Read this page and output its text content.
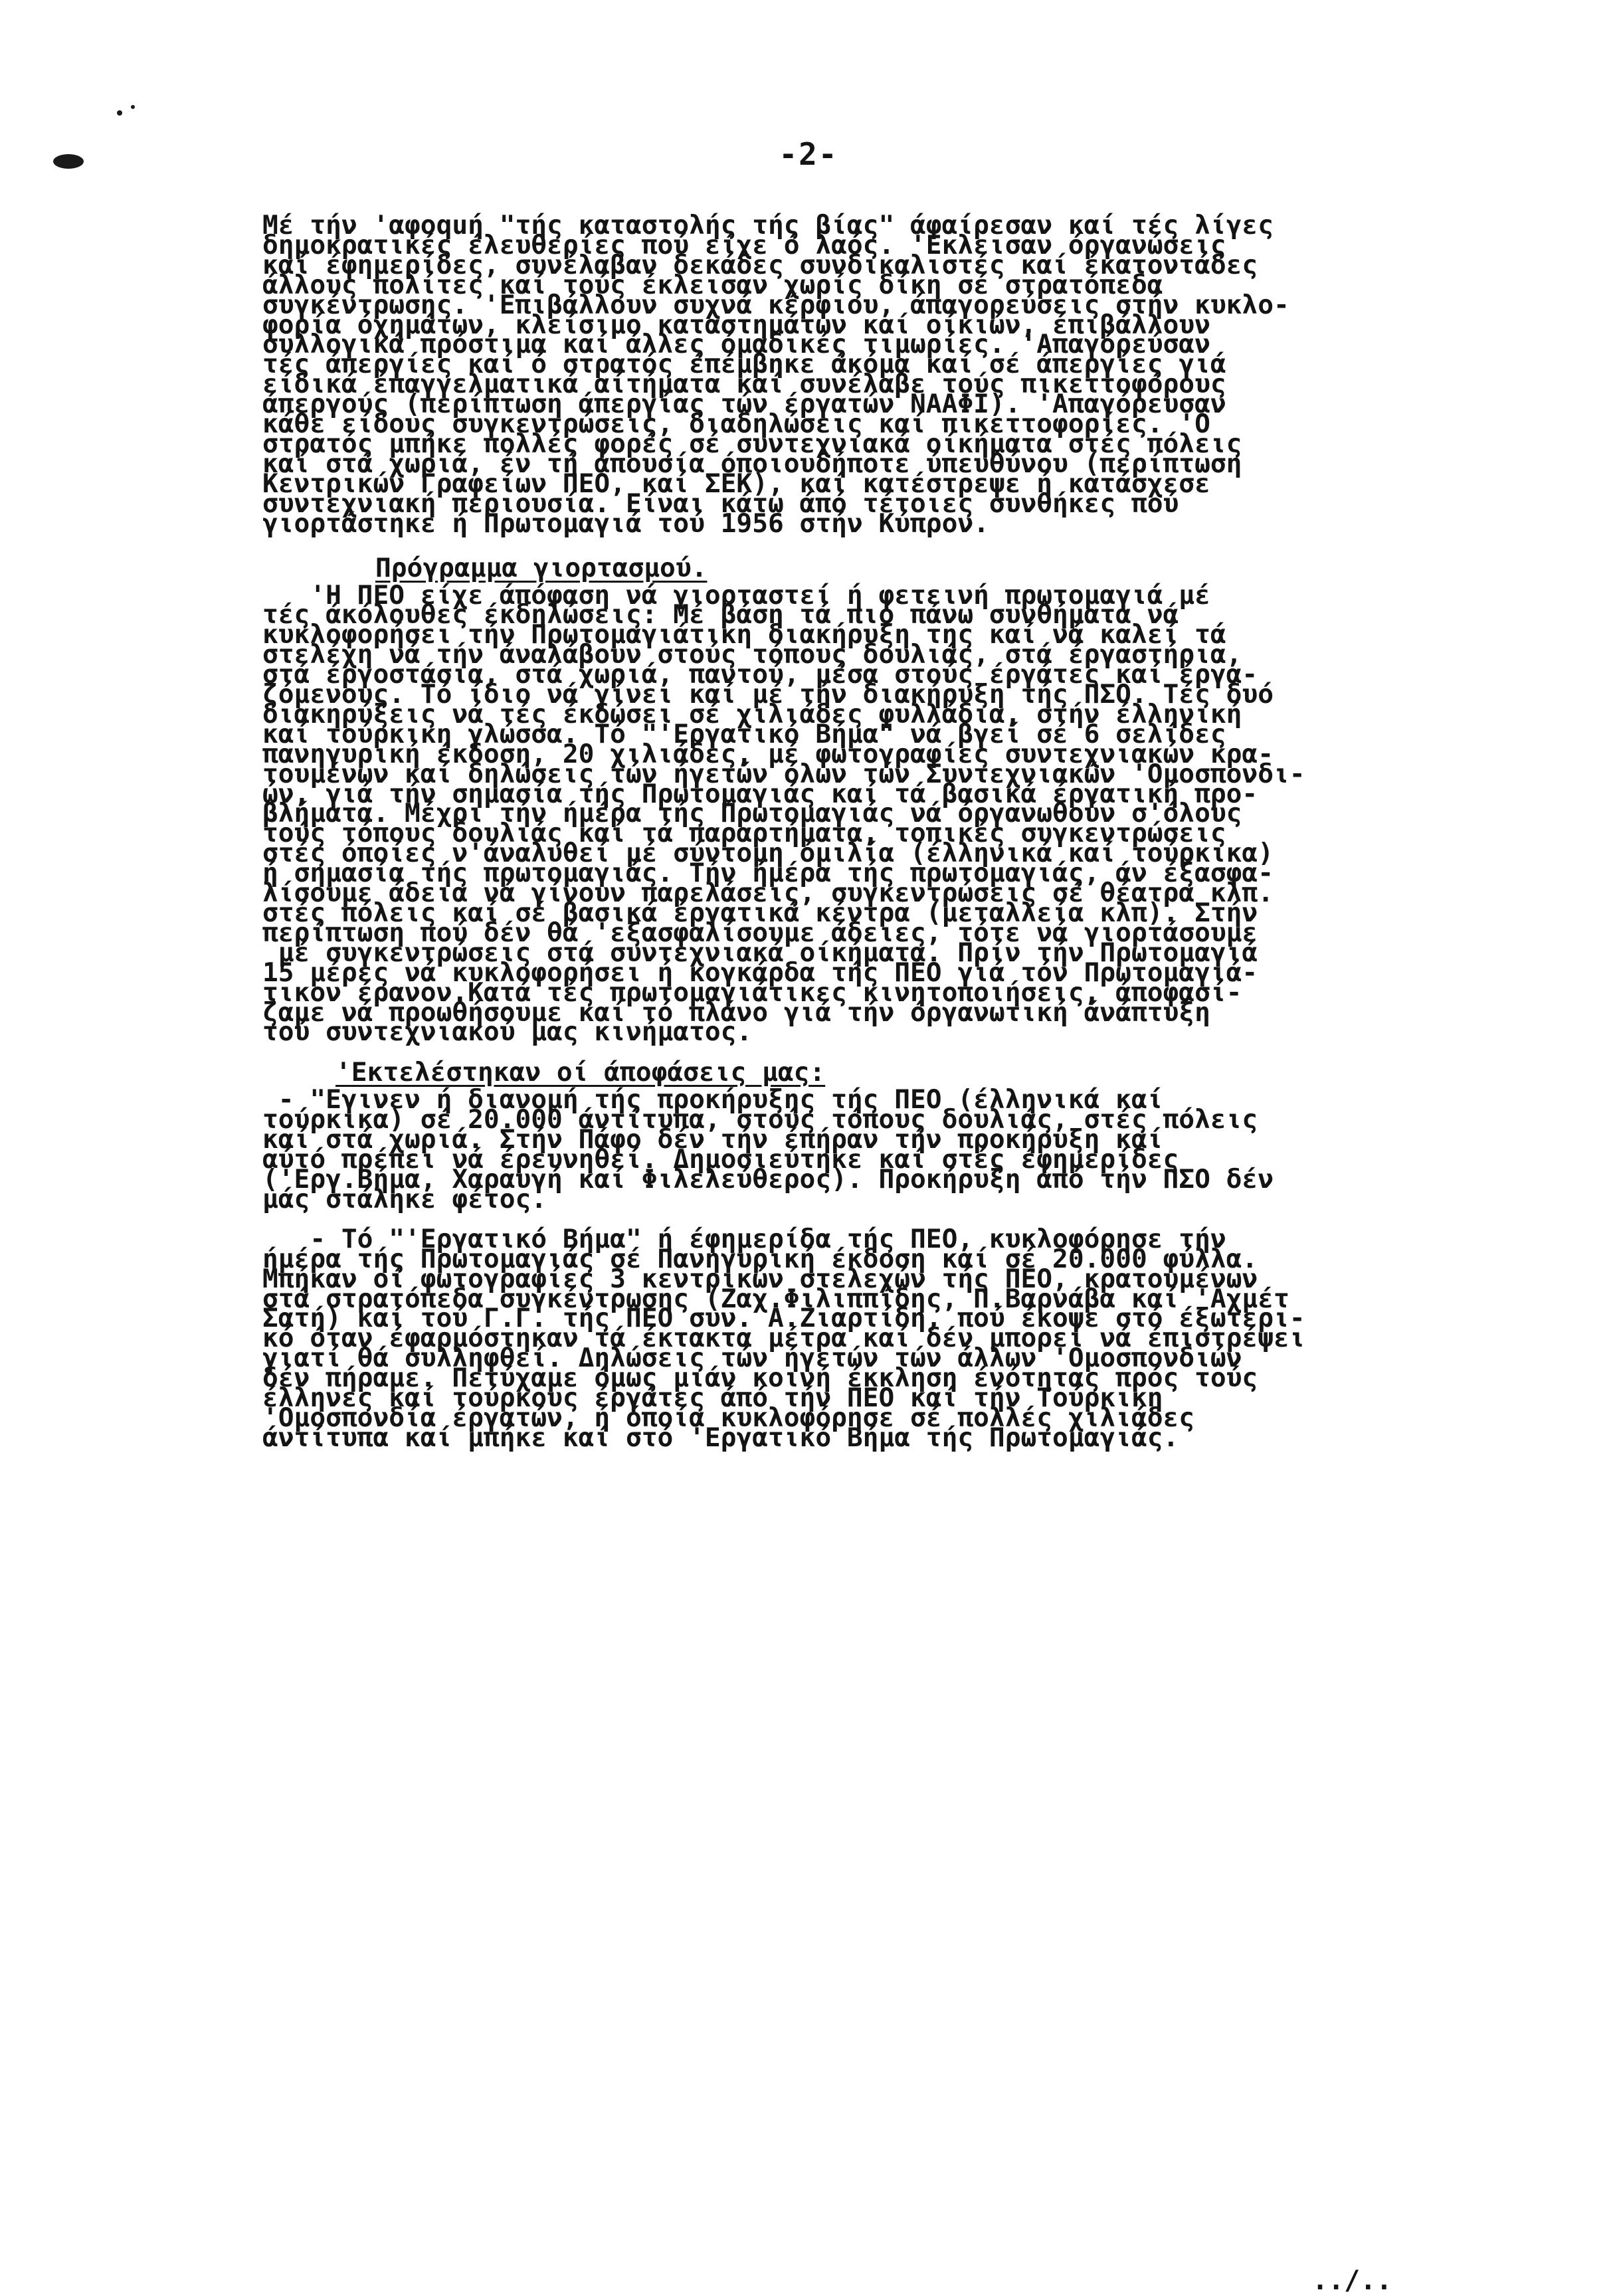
-2-

Mέ τήν 'αφοquή "τής καταστολής τής βίας" άφαίρεσαν καί τές λίγες
δημοκρατικές έλευθερίες πού είχε ό λαός. 'Εκλεισαν όργανώσεις
καί έφημερίδες, συνέλαβαν δεκάδες συνδικαλιστές καί έκατοντάδες
άλλους πολίτες καί τούς έκλεισαν χωρίς δίκη σέ στρατόπεδα
συγκέντρωσης. 'Επιβάλλουν συχνά κέρφιου, άπαγορεύσεις στήν κυκλο-
φορία όχημάτων, κλείσιμο καταστημάτων καί οίκιών, έπιβάλλουν
συλλογικά πρόστιμα καί άλλες όμαδικές τιμωρίες. 'Απαγόρεύσαν
τές άπεργίες καί ό στρατός έπέμβηκε άκόμα καί σέ άπεργίες γιά
είδικά έπαγγελματικά αίτήματα καί συνέλαβε τούς πικεττοφόρους
άπεργούς (περίπτωση άπεργίας τών έργατών ΝΑΑΦΙ). 'Απαγόρευσαν
κάθε είδους συγκεντρώσεις, διαδηλώσεις καί πικεττοφορίες. 'Ο
στρατός μπήκε πολλές φορές σέ συντεχνιακά οίκήματα στές πόλεις
καί στά χωριά, έν τή άπουσία όποιουδήποτε ύπευθύνου (περίπτωση
Κεντρικών Γραφείων ΠΕΟ, καί ΣΕΚ), καί κατέστρεψε ή κατάσχεσε
συντεχνιακή περιουσία. Είναι κάτω άπό τέτοιες συνθήκες πού
γιορτάστηκε ή Πρωτομαγιά τού 1956 στήν Κύπρον.

Πρόγραμμα γιορτασμού.

'Η ΠΕΟ είχε άπόφαση νά γιορταστεί ή φετεινή πρωτομαγιά μέ
τές άκόλουθες έκδηλώσεις: Μέ βάση τά πιό πάνω συνθήματα νά
κυκλοφορήσει τήν Πρωτομαγιάτικη διακήρυξη της καί νά καλεί τά
στελέχη νά τήν άναλάβουν στούς τόπους δουλιάς, στά έργαστήρια,
στά έργοστάσια, στά χωριά, παντού, μέσα στούς έργάτες καί έργα-
ζόμενους. Τό ίδιο νά γίνει καί μέ τήν διακήρυξη τής ΠΣΟ. Τές δυό
διακηρύξεις νά τές έκδώσει σέ χιλιάδες φυλλάδια, στήν έλληνική
καί τούρκικη γλώσσα. Τό "'Εργατικό Βήμα" νά βγεί σέ 6 σελίδες
πανηγυρική έκδοση, 20 χιλιάδες, μέ φωτογραφίες συντεχνιακών κρα-
τουμένων καί δηλώσεις τών ήγετών όλων τών Συντεχνιακών 'Ομοσπονδι-
ών, γιά τήν σημασία τής Πρωτομαγιάς καί τά βασικά έργατική προ-
βλήματα. Μέχρι τήν ήμέρα τής Πρωτομαγιάς νά όργανωθούν σ'όλους
τούς τόπους δουλιάς καί τά παραρτήματα, τοπικές συγκεντρώσεις
στές όποίες ν'άναλυθεί μέ σύντομη όμιλία (έλληνικά καί τούρκικα)
ή σημασία τής πρωτομαγιάς. Τήν ήμέρα τής πρωτομαγιάς, άν έξασφα-
λίσουμε άδεια νά γίνουν παρελάσεις, συγκεντρώσεις σέ θέατρα κλπ.
στές πόλεις καί σέ βασικά έργατικά κέντρα (μεταλλεία κλπ). Στήν
περίπτωση πού δέν θά 'εξασφαλίσουμε άδειες, τότε νά γιορτάσουμε
μέ συγκεντρώσεις στά συντεχνιακά οίκήματα. Πρίν τήν Πρωτομαγιά
15 μέρες νά κυκλοφορήσει ή κογκάρδα τής ΠΕΟ γιά τόν Πρωτομαγιά-
τικον έρανον.Κατά τές πρωτομαγιάτικες κινητοποιήσεις, άποφασί-
ζαμε νά προωθήσουμε καί τό πλάνο γιά τήν όργανωτική άνάπτυξη
τού συντεχνιακού μας κινήματος.

'Εκτελέστηκαν οί άποφάσεις μας:

- "Εγινεν ή διανομή τής προκήρυξης τής ΠΕΟ (έλληνικά καί
τούρκικα) σέ 20.000 άντίτυπα, στούς τόπους δουλιάς, στές πόλεις
καί στά χωριά. Στήν Πάφο δέν τήν έπήραν τήν προκήρυξη καί
αύτό πρέπει νά έρευνηθεί. Δημοσιεύτηκε καί στές έφημερίδες
('Εργ.Βήμα, Χαραυγή καί Φιλελεύθερος). Προκήρυξη άπό τήν ΠΣΟ δέν
μάς στάληκε φέτος.

- Τό "'Εργατικό Βήμα" ή έφημερίδα τής ΠΕΟ, κυκλοφόρησε τήν
ήμέρα τής Πρωτομαγιάς σέ Πανηγυρική έκδοση καί σέ 20.000 φύλλα.
Μπήκαν οί φωτογραφίες 3 κεντρικών στελεχών τής ΠΕΟ, κρατουμένων
στά στρατόπεδα συγκέντρωσης (Ζαχ.Φιλιππίδης, Π.Βαρνάβα καί 'Αχμέτ
Σατή) καί τού Γ.Γ. τής ΠΕΟ συν. Α.Ζιαρτίδη, πού έκοψε στό έξωτερι-
κό όταν έφαρμόστηκαν τά έκτακτα μέτρα καί δέν μπορεί νά έπιστρέψει
γιατί θά συλληφθεί. Δηλώσεις τών ήγετών τών άλλων 'Ομοσπονδιών
δέν πήραμε. Πετύχαμε όμως μιάν κοινή έκκληση ένότητας πρός τούς
έλληνες καί τούρκους έργάτες άπό τήν ΠΕΟ καί τήν Τούρκικη
'Ομοσπονδία έργατών, ή όποία κυκλοφόρησε σέ πολλές χιλιάδες
άντίτυπα καί μπήκε καί στό 'Εργατικό Βήμα τής Πρωτομαγιάς.

../..
